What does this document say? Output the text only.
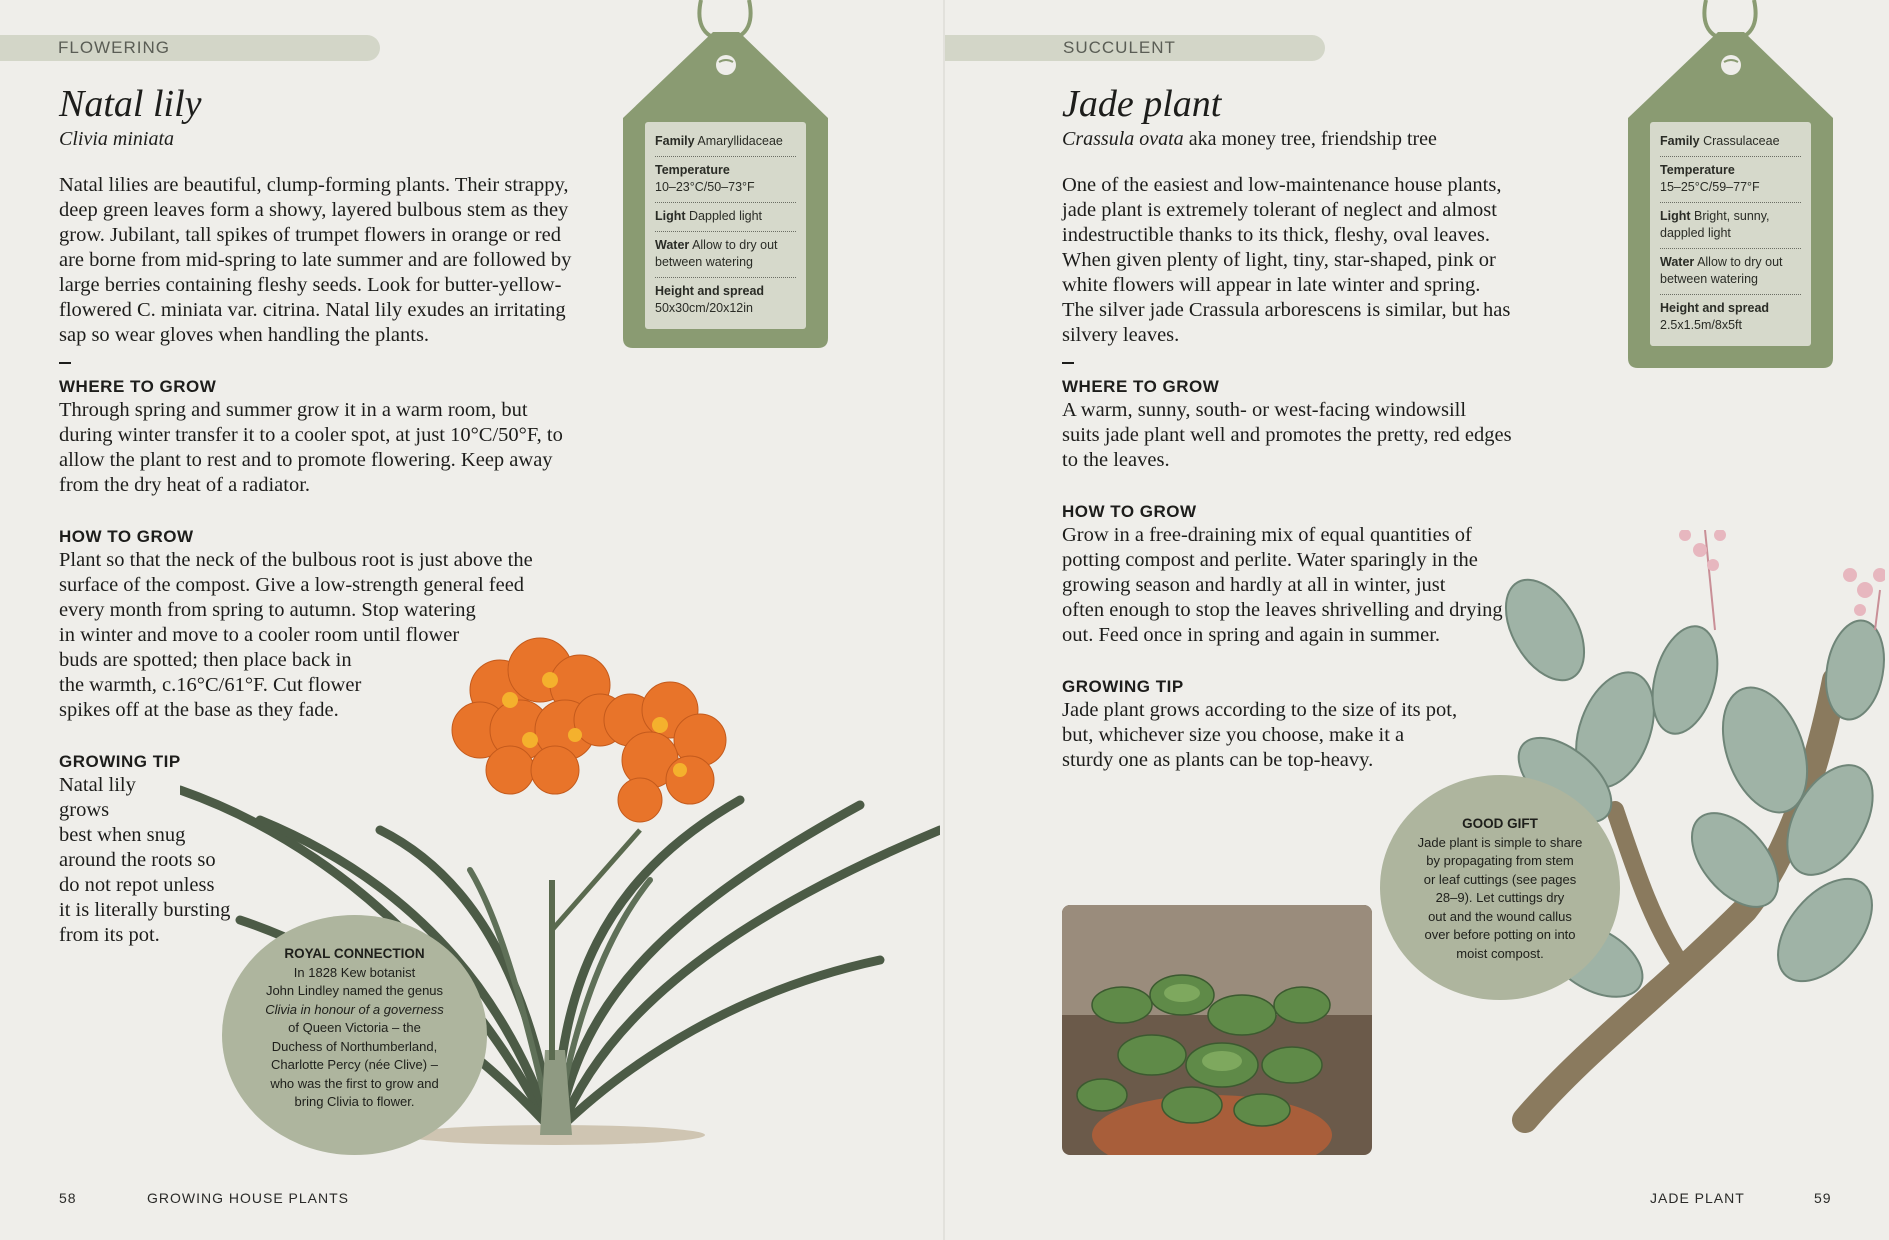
FLOWERING
Natal lily
Clivia miniata
Natal lilies are beautiful, clump-forming plants. Their strappy,
deep green leaves form a showy, layered bulbous stem as they
grow. Jubilant, tall spikes of trumpet flowers in orange or red
are borne from mid-spring to late summer and are followed by
large berries containing fleshy seeds. Look for butter-yellow-
flowered C. miniata var. citrina. Natal lily exudes an irritating
sap so wear gloves when handling the plants.
WHERE TO GROW
Through spring and summer grow it in a warm room, but
during winter transfer it to a cooler spot, at just 10°C/50°F, to
allow the plant to rest and to promote flowering. Keep away
from the dry heat of a radiator.
HOW TO GROW
Plant so that the neck of the bulbous root is just above the
surface of the compost. Give a low-strength general feed
every month from spring to autumn. Stop watering
in winter and move to a cooler room until flower
buds are spotted; then place back in
the warmth, c.16°C/61°F. Cut flower
spikes off at the base as they fade.
GROWING TIP
Natal lily
grows
best when snug
around the roots so
do not repot unless
it is literally bursting
from its pot.
Family Amaryllidaceae
Temperature
10–23°C/50–73°F
Light Dappled light
Water Allow to dry out between watering
Height and spread
50x30cm/20x12in
ROYAL CONNECTION
In 1828 Kew botanist
John Lindley named the genus
Clivia in honour of a governess
of Queen Victoria – the
Duchess of Northumberland,
Charlotte Percy (née Clive) –
who was the first to grow and
bring Clivia to flower.
58	GROWING HOUSE PLANTS
SUCCULENT
Jade plant
Crassula ovata aka money tree, friendship tree
One of the easiest and low-maintenance house plants,
jade plant is extremely tolerant of neglect and almost
indestructible thanks to its thick, fleshy, oval leaves.
When given plenty of light, tiny, star-shaped, pink or
white flowers will appear in late winter and spring.
The silver jade Crassula arborescens is similar, but has
silvery leaves.
WHERE TO GROW
A warm, sunny, south- or west-facing windowsill
suits jade plant well and promotes the pretty, red edges
to the leaves.
HOW TO GROW
Grow in a free-draining mix of equal quantities of
potting compost and perlite. Water sparingly in the
growing season and hardly at all in winter, just
often enough to stop the leaves shrivelling and drying
out. Feed once in spring and again in summer.
GROWING TIP
Jade plant grows according to the size of its pot,
but, whichever size you choose, make it a
sturdy one as plants can be top-heavy.
Family Crassulaceae
Temperature
15–25°C/59–77°F
Light Bright, sunny, dappled light
Water Allow to dry out between watering
Height and spread
2.5x1.5m/8x5ft
GOOD GIFT
Jade plant is simple to share
by propagating from stem
or leaf cuttings (see pages
28–9). Let cuttings dry
out and the wound callus
over before potting on into
moist compost.
JADE PLANT	59
